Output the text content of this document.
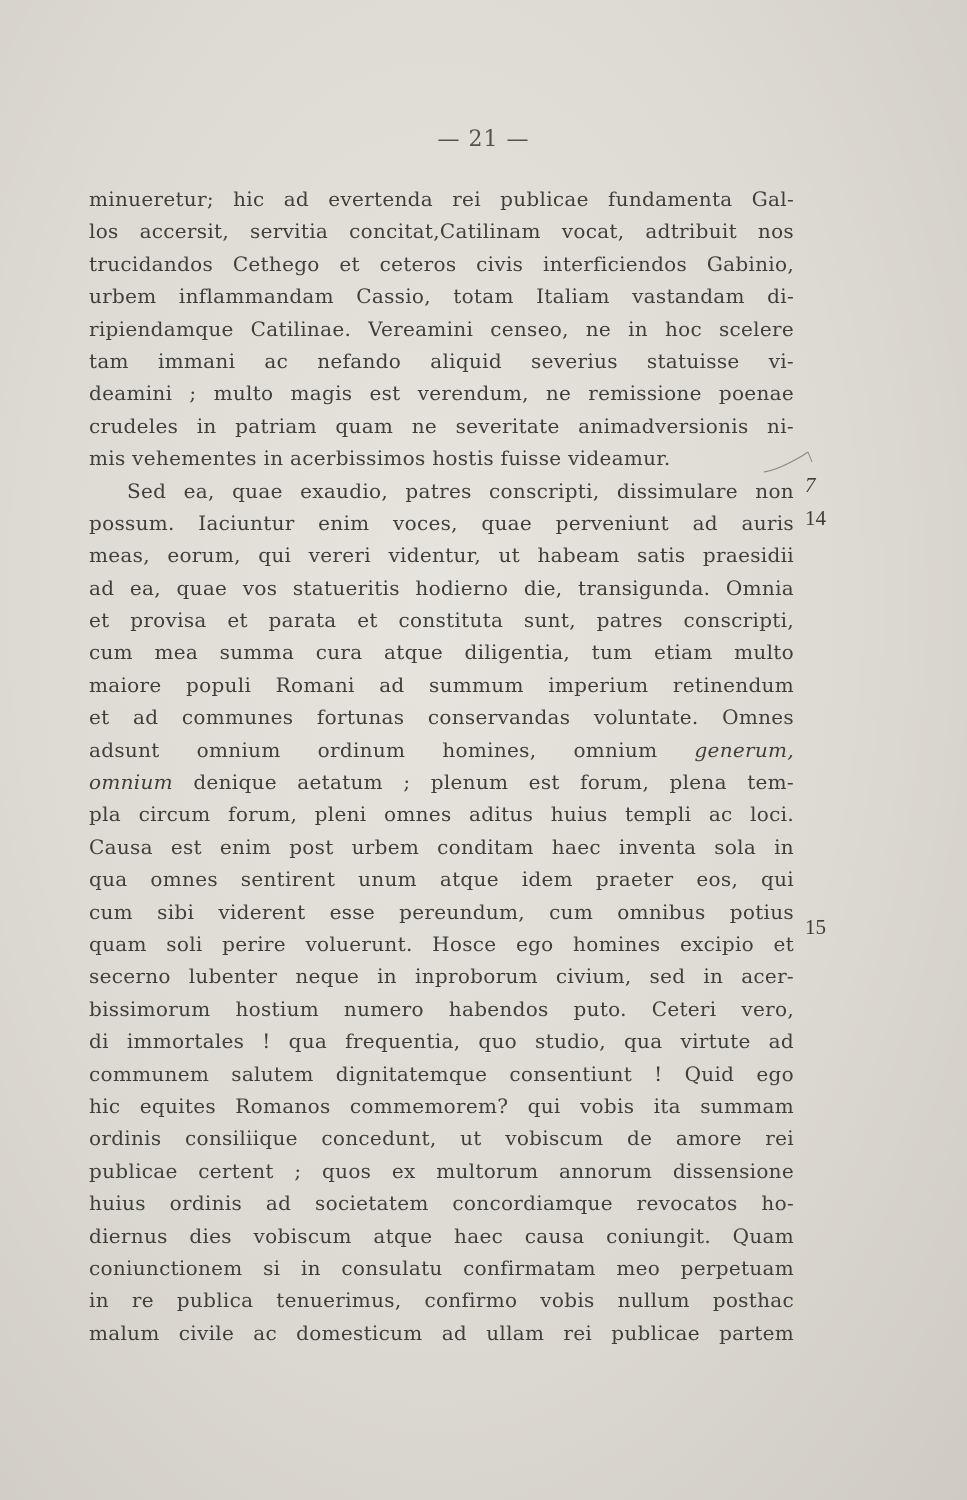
— 21 —
minueretur; hic ad evertenda rei publicae fundamenta Gal-
los accersit, servitia concitat,Catilinam vocat, adtribuit nos
trucidandos Cethego et ceteros civis interficiendos Gabinio,
urbem inflammandam Cassio, totam Italiam vastandam di-
ripiendamque Catilinae. Vereamini censeo, ne in hoc scelere
tam immani ac nefando aliquid severius statuisse vi-
deamini ; multo magis est verendum, ne remissione poenae
crudeles in patriam quam ne severitate animadversionis ni-
mis vehementes in acerbissimos hostis fuisse videamur.
Sed ea, quae exaudio, patres conscripti, dissimulare non
possum. Iaciuntur enim voces, quae perveniunt ad auris
meas, eorum, qui vereri videntur, ut habeam satis praesidii
ad ea, quae vos statueritis hodierno die, transigunda. Omnia
et provisa et parata et constituta sunt, patres conscripti,
cum mea summa cura atque diligentia, tum etiam multo
maiore populi Romani ad summum imperium retinendum
et ad communes fortunas conservandas voluntate. Omnes
adsunt omnium ordinum homines, omnium generum,
omnium denique aetatum ; plenum est forum, plena tem-
pla circum forum, pleni omnes aditus huius templi ac loci.
Causa est enim post urbem conditam haec inventa sola in
qua omnes sentirent unum atque idem praeter eos, qui
cum sibi viderent esse pereundum, cum omnibus potius
quam soli perire voluerunt. Hosce ego homines excipio et
secerno lubenter neque in inproborum civium, sed in acer-
bissimorum hostium numero habendos puto. Ceteri vero,
di immortales ! qua frequentia, quo studio, qua virtute ad
communem salutem dignitatemque consentiunt ! Quid ego
hic equites Romanos commemorem? qui vobis ita summam
ordinis consiliique concedunt, ut vobiscum de amore rei
publicae certent ; quos ex multorum annorum dissensione
huius ordinis ad societatem concordiamque revocatos ho-
diernus dies vobiscum atque haec causa coniungit. Quam
coniunctionem si in consulatu confirmatam meo perpetuam
in re publica tenuerimus, confirmo vobis nullum posthac
malum civile ac domesticum ad ullam rei publicae partem
7
14
15
